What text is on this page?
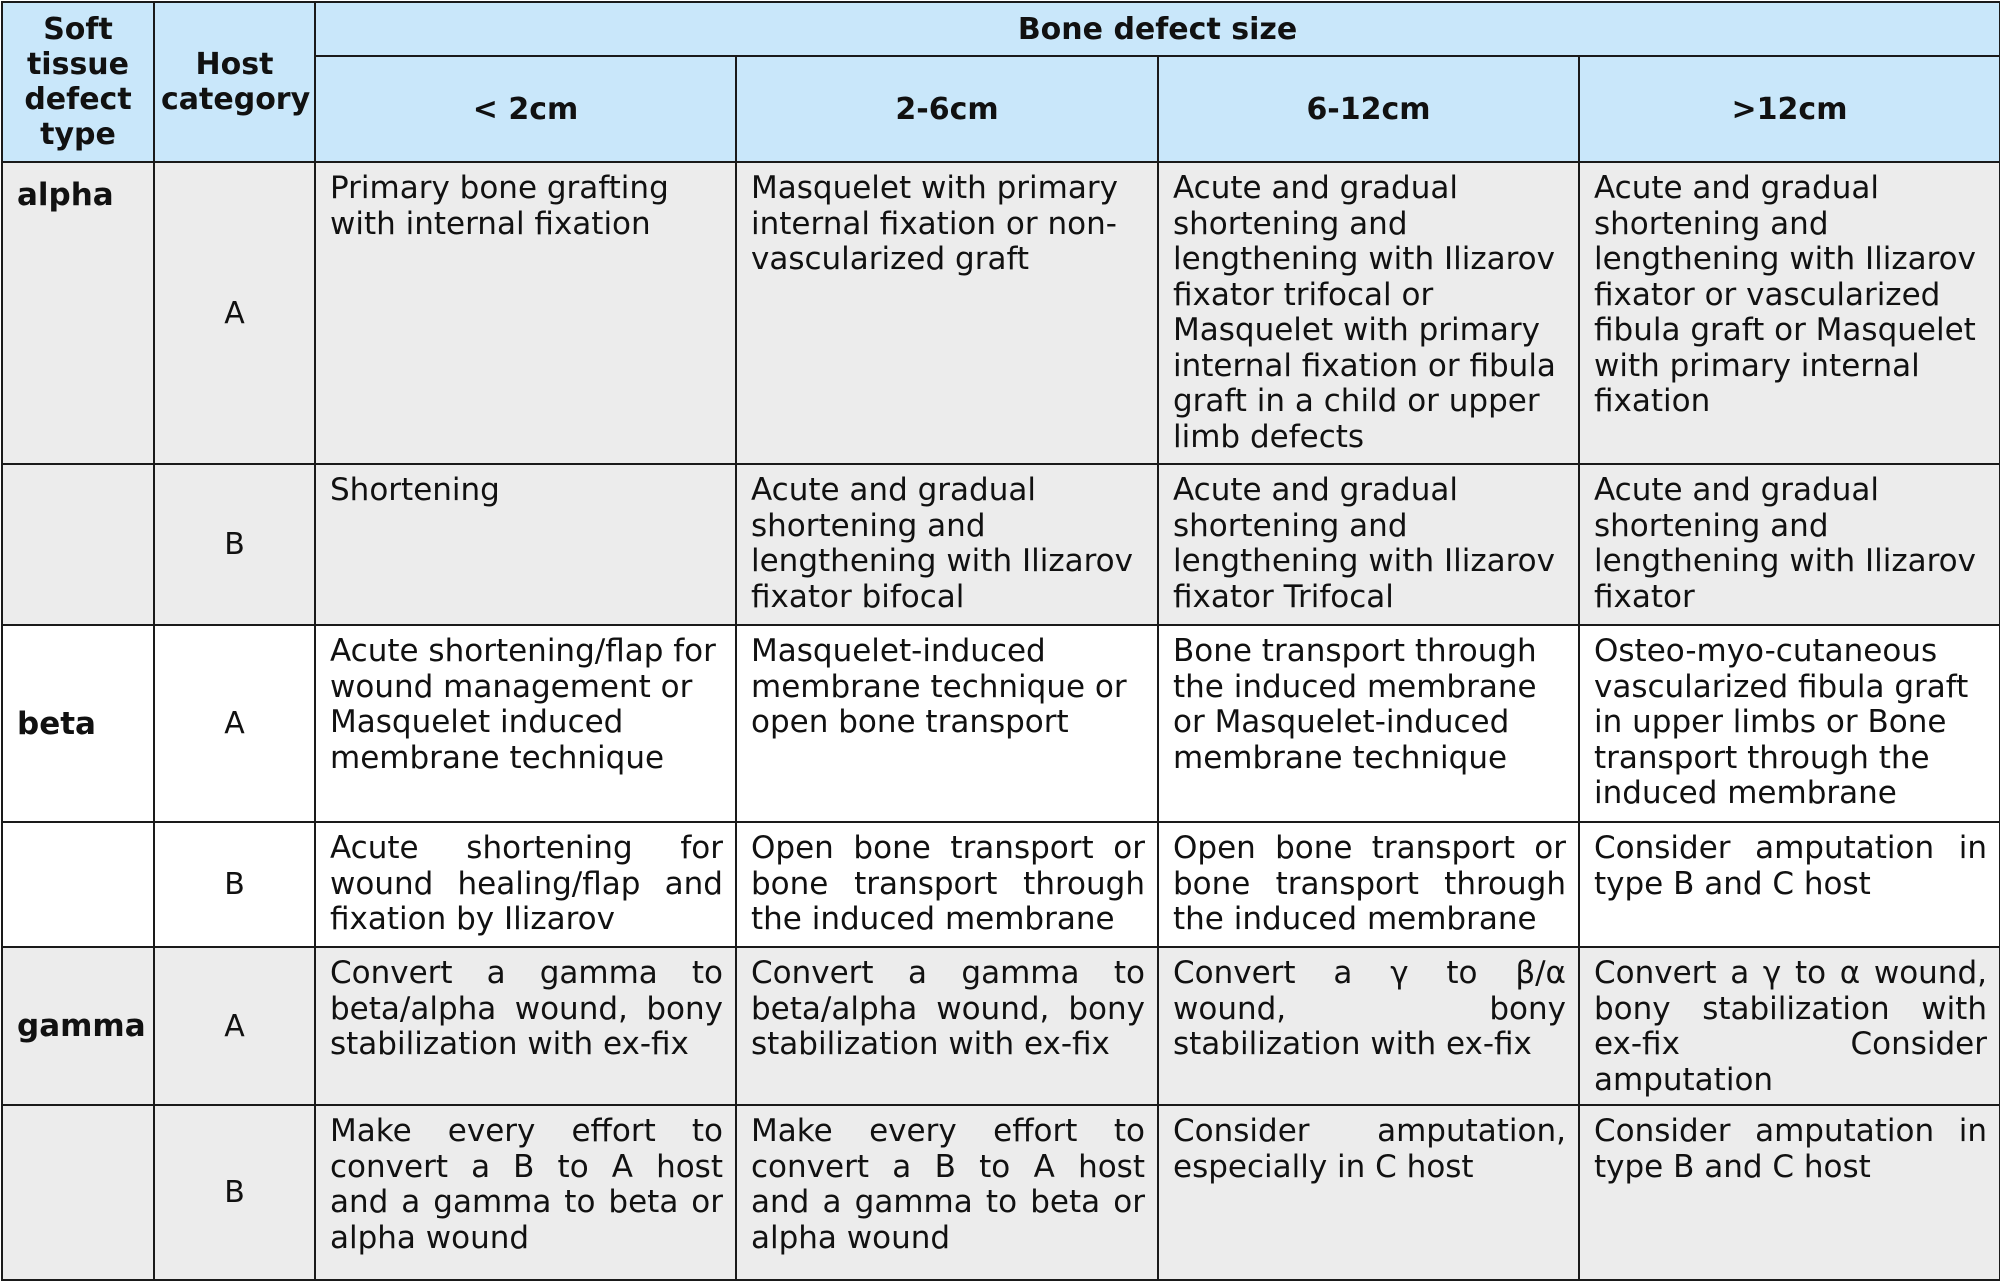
Soft tissue defect type	Host category	Bone defect size			
		< 2cm	2-6cm	6-12cm	>12cm
alpha	A	Primary bone grafting with internal fixation	Masquelet with primary internal fixation or non-vascularized graft	Acute and gradual shortening and lengthening with Ilizarov fixator trifocal or Masquelet with primary internal fixation or fibula graft in a child or upper limb defects	Acute and gradual shortening and lengthening with Ilizarov fixator or vascularized fibula graft or Masquelet with primary internal fixation
	B	Shortening	Acute and gradual shortening and lengthening with Ilizarov fixator bifocal	Acute and gradual shortening and lengthening with Ilizarov fixator Trifocal	Acute and gradual shortening and lengthening with Ilizarov fixator
beta	A	Acute shortening/flap for wound management or Masquelet induced membrane technique	Masquelet-induced membrane technique or open bone transport	Bone transport through the induced membrane or Masquelet-induced membrane technique	Osteo-myo-cutaneous vascularized fibula graft in upper limbs or Bone transport through the induced membrane
	B	Acute shortening for wound healing/flap and fixation by Ilizarov	Open bone transport or bone transport through the induced membrane	Open bone transport or bone transport through the induced membrane	Consider amputation in type B and C host
gamma	A	Convert a gamma to beta/alpha wound, bony stabilization with ex-fix	Convert a gamma to beta/alpha wound, bony stabilization with ex-fix	Convert a γ to β/α wound, bony stabilization with ex-fix	Convert a γ to α wound, bony stabilization with ex-fix Consider amputation
	B	Make every effort to convert a B to A host and a gamma to beta or alpha wound	Make every effort to convert a B to A host and a gamma to beta or alpha wound	Consider amputation, especially in C host	Consider amputation in type B and C host
